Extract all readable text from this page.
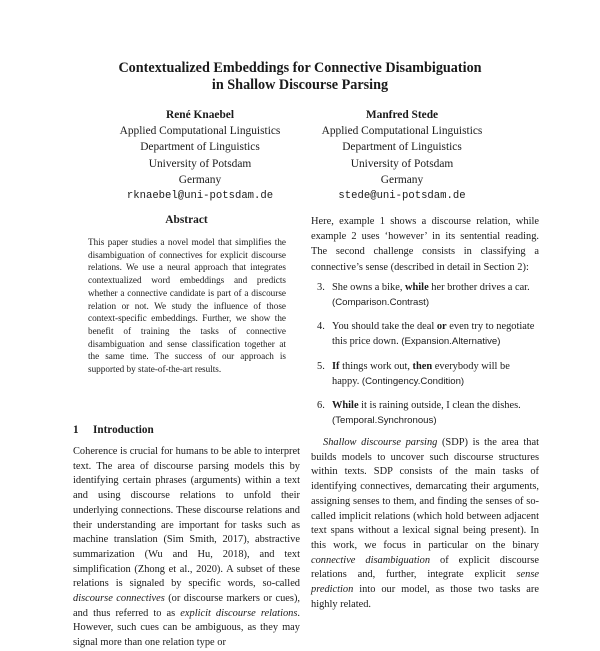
Contextualized Embeddings for Connective Disambiguation
in Shallow Discourse Parsing
René Knaebel
Applied Computational Linguistics
Department of Linguistics
University of Potsdam
Germany
rknaebel@uni-potsdam.de
Manfred Stede
Applied Computational Linguistics
Department of Linguistics
University of Potsdam
Germany
stede@uni-potsdam.de
Abstract
This paper studies a novel model that simplifies the disambiguation of connectives for explicit discourse relations. We use a neural approach that integrates contextualized word embeddings and predicts whether a connective candidate is part of a discourse relation or not. We study the influence of those context-specific embeddings. Further, we show the benefit of training the tasks of connective disambiguation and sense classification together at the same time. The success of our approach is supported by state-of-the-art results.
1 Introduction
Coherence is crucial for humans to be able to interpret text. The area of discourse parsing models this by identifying certain phrases (arguments) within a text and using discourse relations to unfold their underlying connections. These discourse relations and their understanding are important for tasks such as machine translation (Sim Smith, 2017), abstractive summarization (Wu and Hu, 2018), and text simplification (Zhong et al., 2020). A subset of these relations is signaled by specific words, so-called discourse connectives (or discourse markers or cues), and thus referred to as explicit discourse relations. However, such cues can be ambiguous, as they may signal more than one relation type or
Here, example 1 shows a discourse relation, while example 2 uses ‘however’ in its sentential reading. The second challenge consists in classifying a connective’s sense (described in detail in Section 2):
3. She owns a bike, while her brother drives a car. (Comparison.Contrast)
4. You should take the deal or even try to negotiate this price down. (Expansion.Alternative)
5. If things work out, then everybody will be happy. (Contingency.Condition)
6. While it is raining outside, I clean the dishes. (Temporal.Synchronous)
Shallow discourse parsing (SDP) is the area that builds models to uncover such discourse structures within texts. SDP consists of the main tasks of identifying connectives, demarcating their arguments, assigning senses to them, and finding the senses of so-called implicit relations (which hold between adjacent text spans without a lexical signal being present). In this work, we focus in particular on the binary connective disambiguation of explicit discourse relations and, further, integrate explicit sense prediction into our model, as those two tasks are highly related.
